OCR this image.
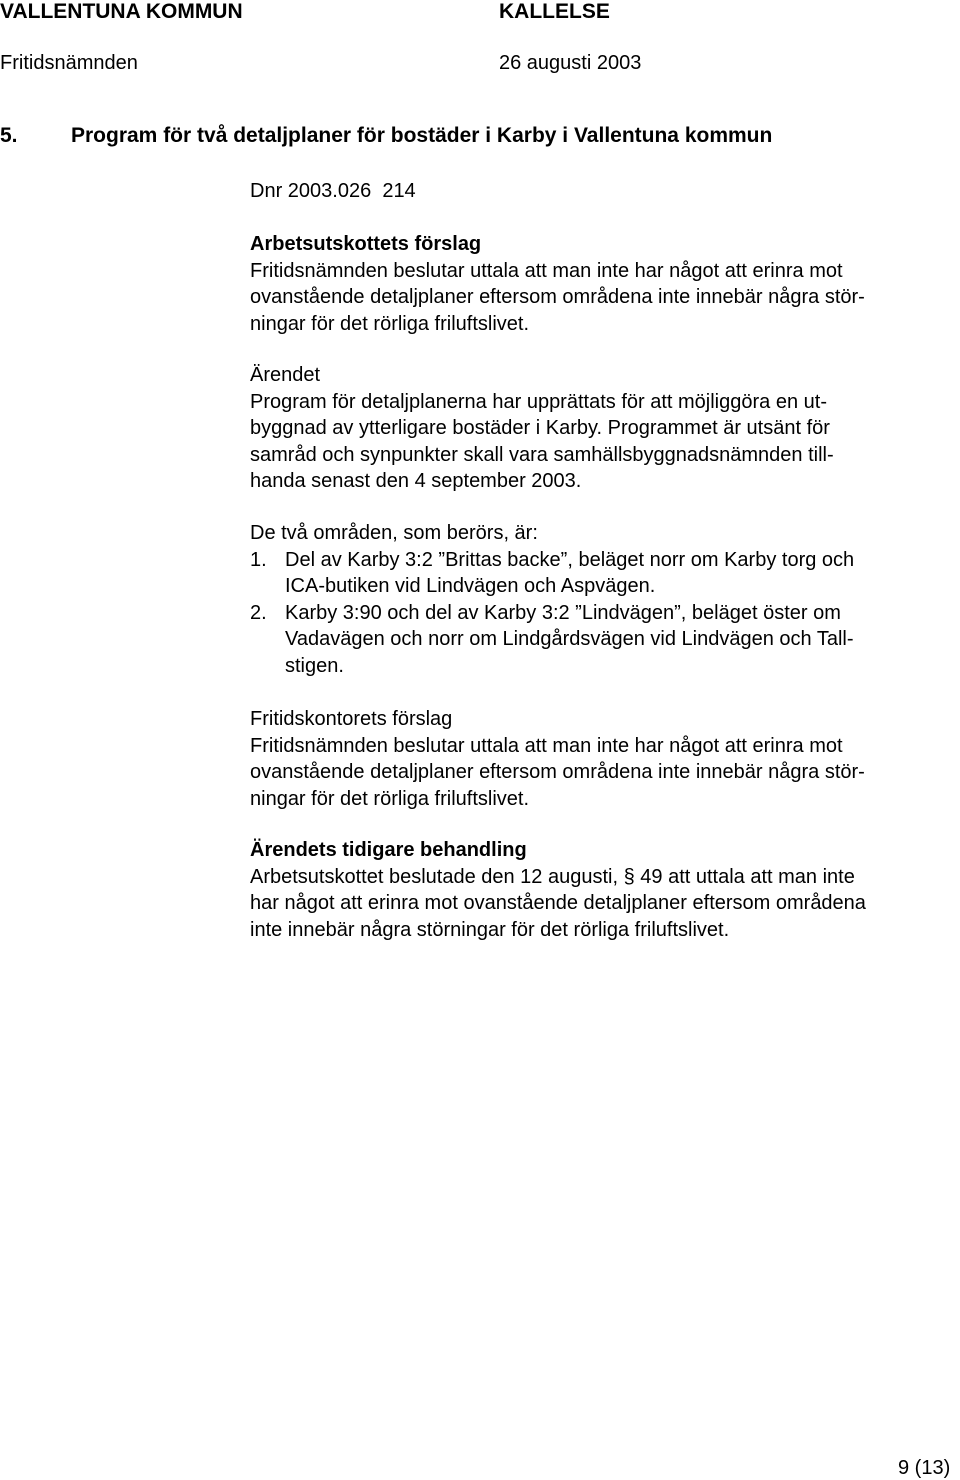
VALLENTUNA KOMMUN	KALLELSE
Fritidsnämnden	26 augusti 2003
5.	Program för två detaljplaner för bostäder i Karby i Vallentuna kommun
Dnr 2003.026  214
Arbetsutskottets förslag
Fritidsnämnden beslutar uttala att man inte har något att erinra mot
ovanstående detaljplaner eftersom områdena inte innebär några stör-
ningar för det rörliga friluftslivet.
Ärendet
Program för detaljplanerna har upprättats för att möjliggöra en ut-
byggnad av ytterligare bostäder i Karby. Programmet är utsänt för
samråd och synpunkter skall vara samhällsbyggnadsnämnden till-
handa senast den 4 september 2003.
De två områden, som berörs, är:
1. Del av Karby 3:2 ”Brittas backe”, beläget norr om Karby torg och
ICA-butiken vid Lindvägen och Aspvägen.
2. Karby 3:90 och del av Karby 3:2 ”Lindvägen”, beläget öster om
Vadavägen och norr om Lindgårdsvägen vid Lindvägen och Tall-
stigen.
Fritidskontorets förslag
Fritidsnämnden beslutar uttala att man inte har något att erinra mot
ovanstående detaljplaner eftersom områdena inte innebär några stör-
ningar för det rörliga friluftslivet.
Ärendets tidigare behandling
Arbetsutskottet beslutade den 12 augusti, § 49 att uttala att man inte
har något att erinra mot ovanstående detaljplaner eftersom områdena
inte innebär några störningar för det rörliga friluftslivet.
9 (13)
